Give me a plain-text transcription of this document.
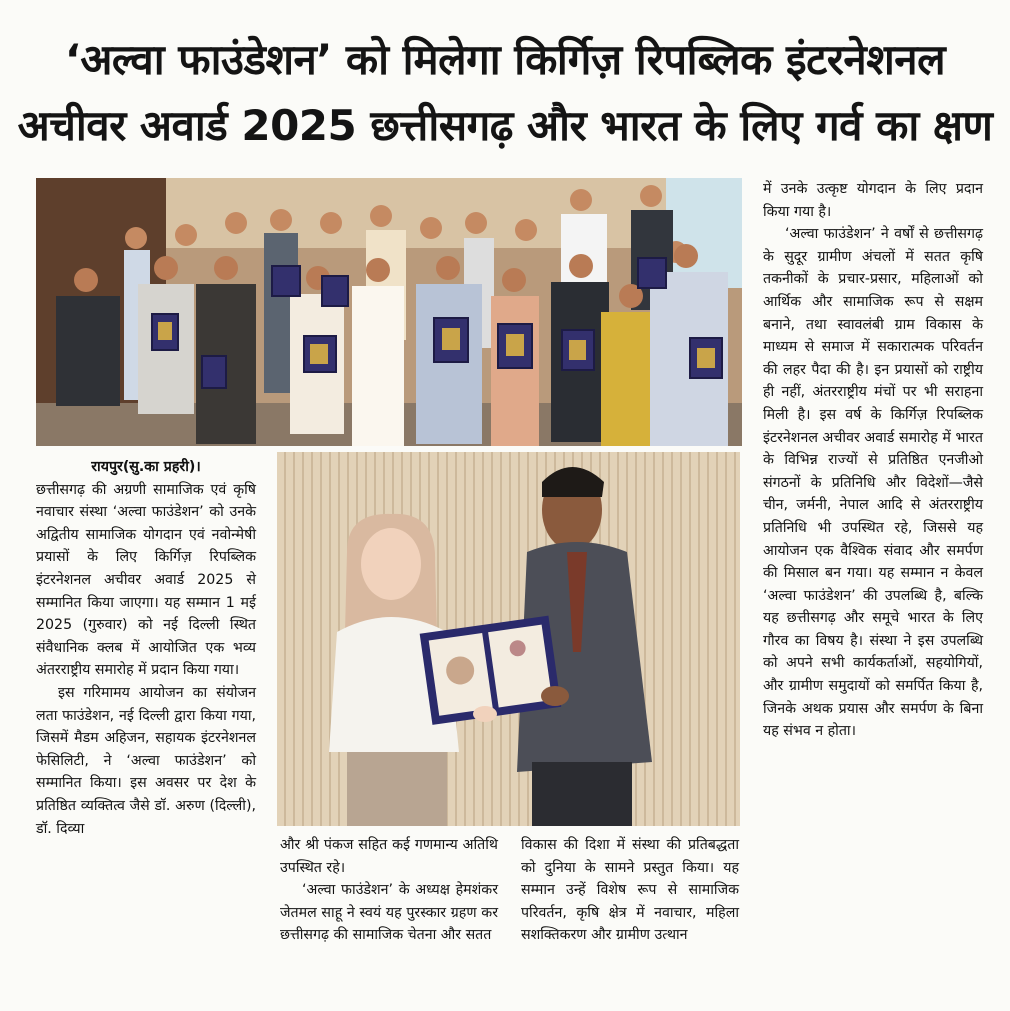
‘अल्वा फाउंडेशन’ को मिलेगा किर्गिज़ रिपब्लिक इंटरनेशनल
अचीवर अवार्ड 2025 छत्तीसगढ़ और भारत के लिए गर्व का क्षण

रायपुर(सु.का प्रहरी)।

छत्तीसगढ़ की अग्रणी सामाजिक एवं कृषि नवाचार संस्था ‘अल्वा फाउंडेशन’ को उनके अद्वितीय सामाजिक योगदान एवं नवोन्मेषी प्रयासों के लिए किर्गिज़ रिपब्लिक इंटरनेशनल अचीवर अवार्ड 2025 से सम्मानित किया जाएगा। यह सम्मान 1 मई 2025 (गुरुवार) को नई दिल्ली स्थित संवैधानिक क्लब में आयोजित एक भव्य अंतरराष्ट्रीय समारोह में प्रदान किया गया।

इस गरिमामय आयोजन का संयोजन लता फाउंडेशन, नई दिल्ली द्वारा किया गया, जिसमें मैडम अहिजन, सहायक इंटरनेशनल फेसिलिटी, ने ‘अल्वा फाउंडेशन’ को सम्मानित किया। इस अवसर पर देश के प्रतिष्ठित व्यक्तित्व जैसे डॉ. अरुण (दिल्ली), डॉ. दिव्या

और श्री पंकज सहित कई गणमान्य अतिथि उपस्थित रहे।

‘अल्वा फाउंडेशन’ के अध्यक्ष हेमशंकर जेतमल साहू ने स्वयं यह पुरस्कार ग्रहण कर छत्तीसगढ़ की सामाजिक चेतना और सतत

विकास की दिशा में संस्था की प्रतिबद्धता को दुनिया के सामने प्रस्तुत किया। यह सम्मान उन्हें विशेष रूप से सामाजिक परिवर्तन, कृषि क्षेत्र में नवाचार, महिला सशक्तिकरण और ग्रामीण उत्थान

में उनके उत्कृष्ट योगदान के लिए प्रदान किया गया है।

‘अल्वा फाउंडेशन’ ने वर्षों से छत्तीसगढ़ के सुदूर ग्रामीण अंचलों में सतत कृषि तकनीकों के प्रचार-प्रसार, महिलाओं को आर्थिक और सामाजिक रूप से सक्षम बनाने, तथा स्वावलंबी ग्राम विकास के माध्यम से समाज में सकारात्मक परिवर्तन की लहर पैदा की है। इन प्रयासों को राष्ट्रीय ही नहीं, अंतरराष्ट्रीय मंचों पर भी सराहना मिली है। इस वर्ष के किर्गिज़ रिपब्लिक इंटरनेशनल अचीवर अवार्ड समारोह में भारत के विभिन्न राज्यों से प्रतिष्ठित एनजीओ संगठनों के प्रतिनिधि और विदेशों—जैसे चीन, जर्मनी, नेपाल आदि से अंतरराष्ट्रीय प्रतिनिधि भी उपस्थित रहे, जिससे यह आयोजन एक वैश्विक संवाद और समर्पण की मिसाल बन गया। यह सम्मान न केवल ‘अल्वा फाउंडेशन’ की उपलब्धि है, बल्कि यह छत्तीसगढ़ और समूचे भारत के लिए गौरव का विषय है। संस्था ने इस उपलब्धि को अपने सभी कार्यकर्ताओं, सहयोगियों, और ग्रामीण समुदायों को समर्पित किया है, जिनके अथक प्रयास और समर्पण के बिना यह संभव न होता।
